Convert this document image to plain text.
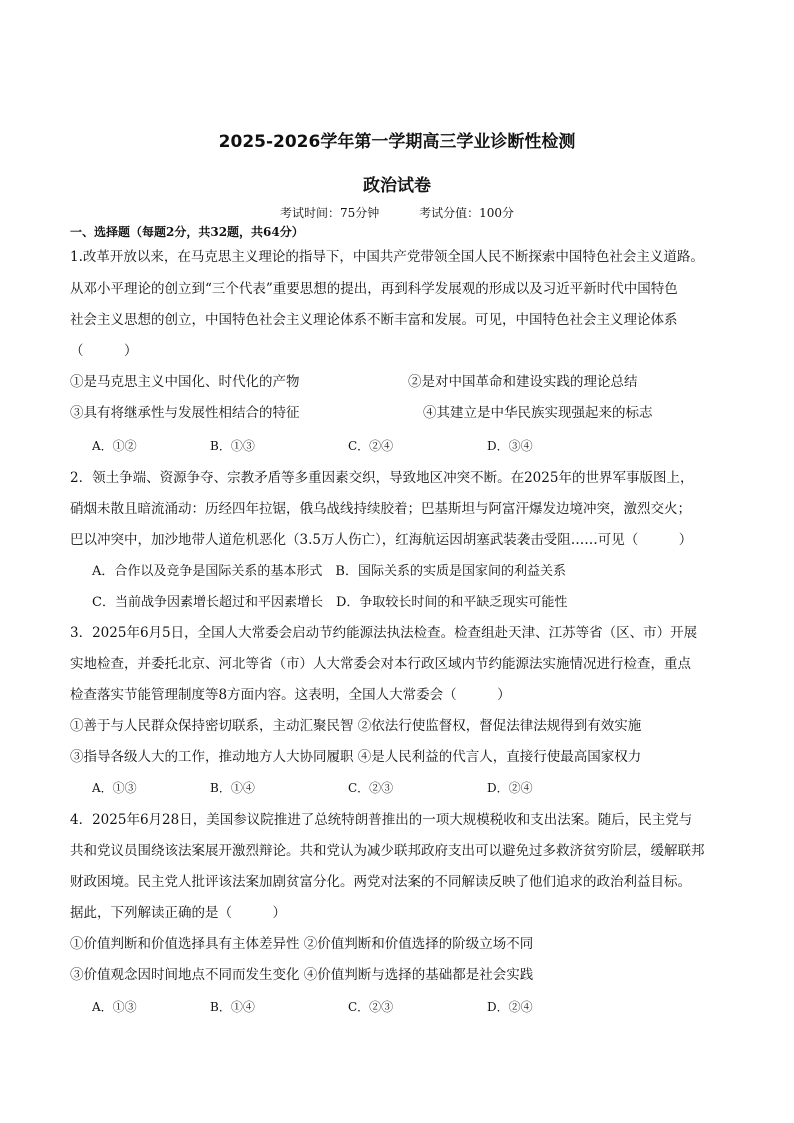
2025-2026学年第一学期高三学业诊断性检测
政治试卷
考试时间：75分钟	考试分值：100分
一、选择题（每题2分，共32题，共64分）
1.改革开放以来，在马克思主义理论的指导下，中国共产党带领全国人民不断探索中国特色社会主义道路。
从邓小平理论的创立到“三个代表”重要思想的提出，再到科学发展观的形成以及习近平新时代中国特色
社会主义思想的创立，中国特色社会主义理论体系不断丰富和发展。可见，中国特色社会主义理论体系
（　　　）
①是马克思主义中国化、时代化的产物	②是对中国革命和建设实践的理论总结
③具有将继承性与发展性相结合的特征	④其建立是中华民族实现强起来的标志
A．①②	B．①③	C．②④	D．③④
2．领土争端、资源争夺、宗教矛盾等多重因素交织，导致地区冲突不断。在2025年的世界军事版图上，
硝烟未散且暗流涌动：历经四年拉锯，俄乌战线持续胶着；巴基斯坦与阿富汗爆发边境冲突，激烈交火；
巴以冲突中，加沙地带人道危机恶化（3.5万人伤亡），红海航运因胡塞武装袭击受阻……可见（　　　）
A．合作以及竞争是国际关系的基本形式　B．国际关系的实质是国家间的利益关系
C．当前战争因素增长超过和平因素增长　D．争取较长时间的和平缺乏现实可能性
3．2025年6月5日，全国人大常委会启动节约能源法执法检查。检查组赴天津、江苏等省（区、市）开展
实地检查，并委托北京、河北等省（市）人大常委会对本行政区域内节约能源法实施情况进行检查，重点
检查落实节能管理制度等8方面内容。这表明，全国人大常委会（　　　）
①善于与人民群众保持密切联系，主动汇聚民智 ②依法行使监督权，督促法律法规得到有效实施
③指导各级人大的工作，推动地方人大协同履职 ④是人民利益的代言人，直接行使最高国家权力
A．①③	B．①④	C．②③	D．②④
4．2025年6月28日，美国参议院推进了总统特朗普推出的一项大规模税收和支出法案。随后，民主党与
共和党议员围绕该法案展开激烈辩论。共和党认为减少联邦政府支出可以避免过多救济贫穷阶层，缓解联邦
财政困境。民主党人批评该法案加剧贫富分化。两党对法案的不同解读反映了他们追求的政治利益目标。
据此，下列解读正确的是（　　　）
①价值判断和价值选择具有主体差异性 ②价值判断和价值选择的阶级立场不同
③价值观念因时间地点不同而发生变化 ④价值判断与选择的基础都是社会实践
A．①③	B．①④	C．②③	D．②④
